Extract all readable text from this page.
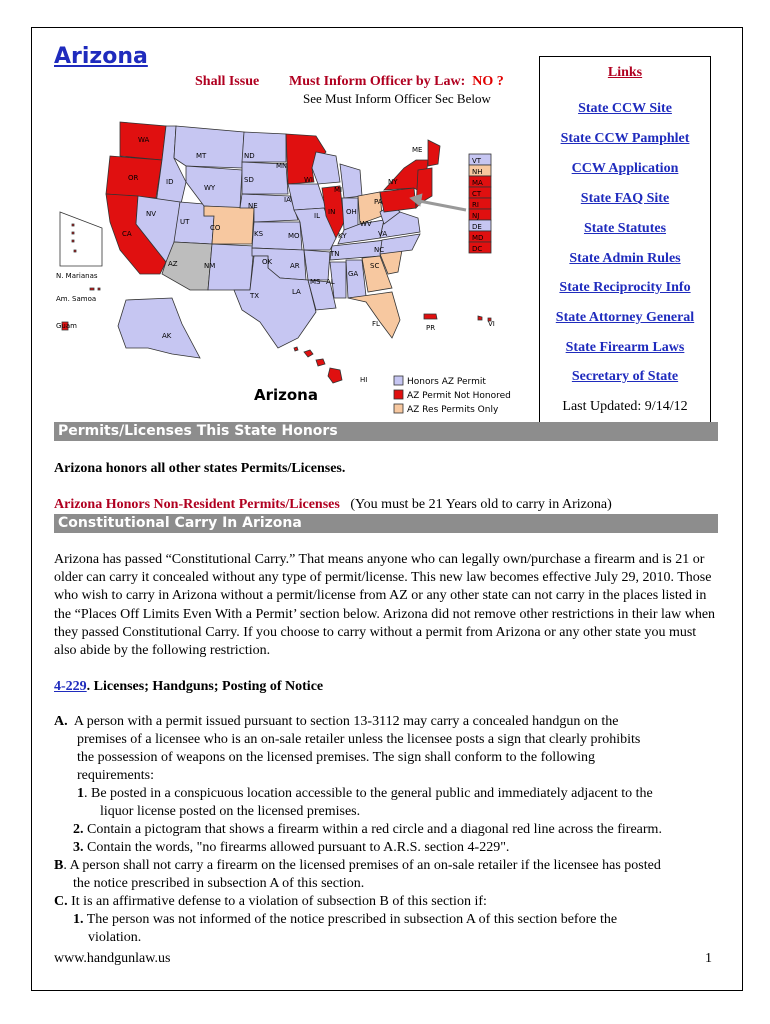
Arizona
Shall Issue Must Inform Officer by Law: NO ?
See Must Inform Officer Sec Below
WA
OR
CA
ID
NV
UT
AZ
MT
WY
CO
NM
ND
SD
NE
KS
OK
TX
MN
IA
MO
AR
LA
WI
IL
MI
IN OH
KY
TN
MS AL
GA
FL
SC
NC
VA
WV
PA
NY
ME
AK
HI
PR	VI
VT
NH
MA
CT
RI
NJ
DE
MD
DC
N. Marianas
Am. Samoa
Guam
Honors AZ Permit
AZ Permit Not Honored
AZ Res Permits Only
Arizona
Links
State CCW Site
State CCW Pamphlet
CCW Application
State FAQ Site
State Statutes
State Admin Rules
State Reciprocity Info
State Attorney General
State Firearm Laws
Secretary of State
Last Updated: 9/14/12
Permits/Licenses This State Honors
Arizona honors all other states Permits/Licenses.
Arizona Honors Non-Resident Permits/Licenses (You must be 21 Years old to carry in Arizona)
Constitutional Carry In Arizona
Arizona has passed “Constitutional Carry.” That means anyone who can legally own/purchase a firearm and is 21 or older can carry it concealed without any type of permit/license. This new law becomes effective July 29, 2010. Those who wish to carry in Arizona without a permit/license from AZ or any other state can not carry in the places listed in the “Places Off Limits Even With a Permit’ section below. Arizona did not remove other restrictions in their law when they passed Constitutional Carry. If you choose to carry without a permit from Arizona or any other state you must also abide by the following restriction.
4-229. Licenses; Handguns; Posting of Notice
A. A person with a permit issued pursuant to section 13-3112 may carry a concealed handgun on the
premises of a licensee who is an on-sale retailer unless the licensee posts a sign that clearly prohibits
the possession of weapons on the licensed premises. The sign shall conform to the following
requirements:
1. Be posted in a conspicuous location accessible to the general public and immediately adjacent to the
liquor license posted on the licensed premises.
2. Contain a pictogram that shows a firearm within a red circle and a diagonal red line across the firearm.
3. Contain the words, "no firearms allowed pursuant to A.R.S. section 4-229".
B. A person shall not carry a firearm on the licensed premises of an on-sale retailer if the licensee has posted
the notice prescribed in subsection A of this section.
C. It is an affirmative defense to a violation of subsection B of this section if:
1. The person was not informed of the notice prescribed in subsection A of this section before the
violation.
www.handgunlaw.us	1
